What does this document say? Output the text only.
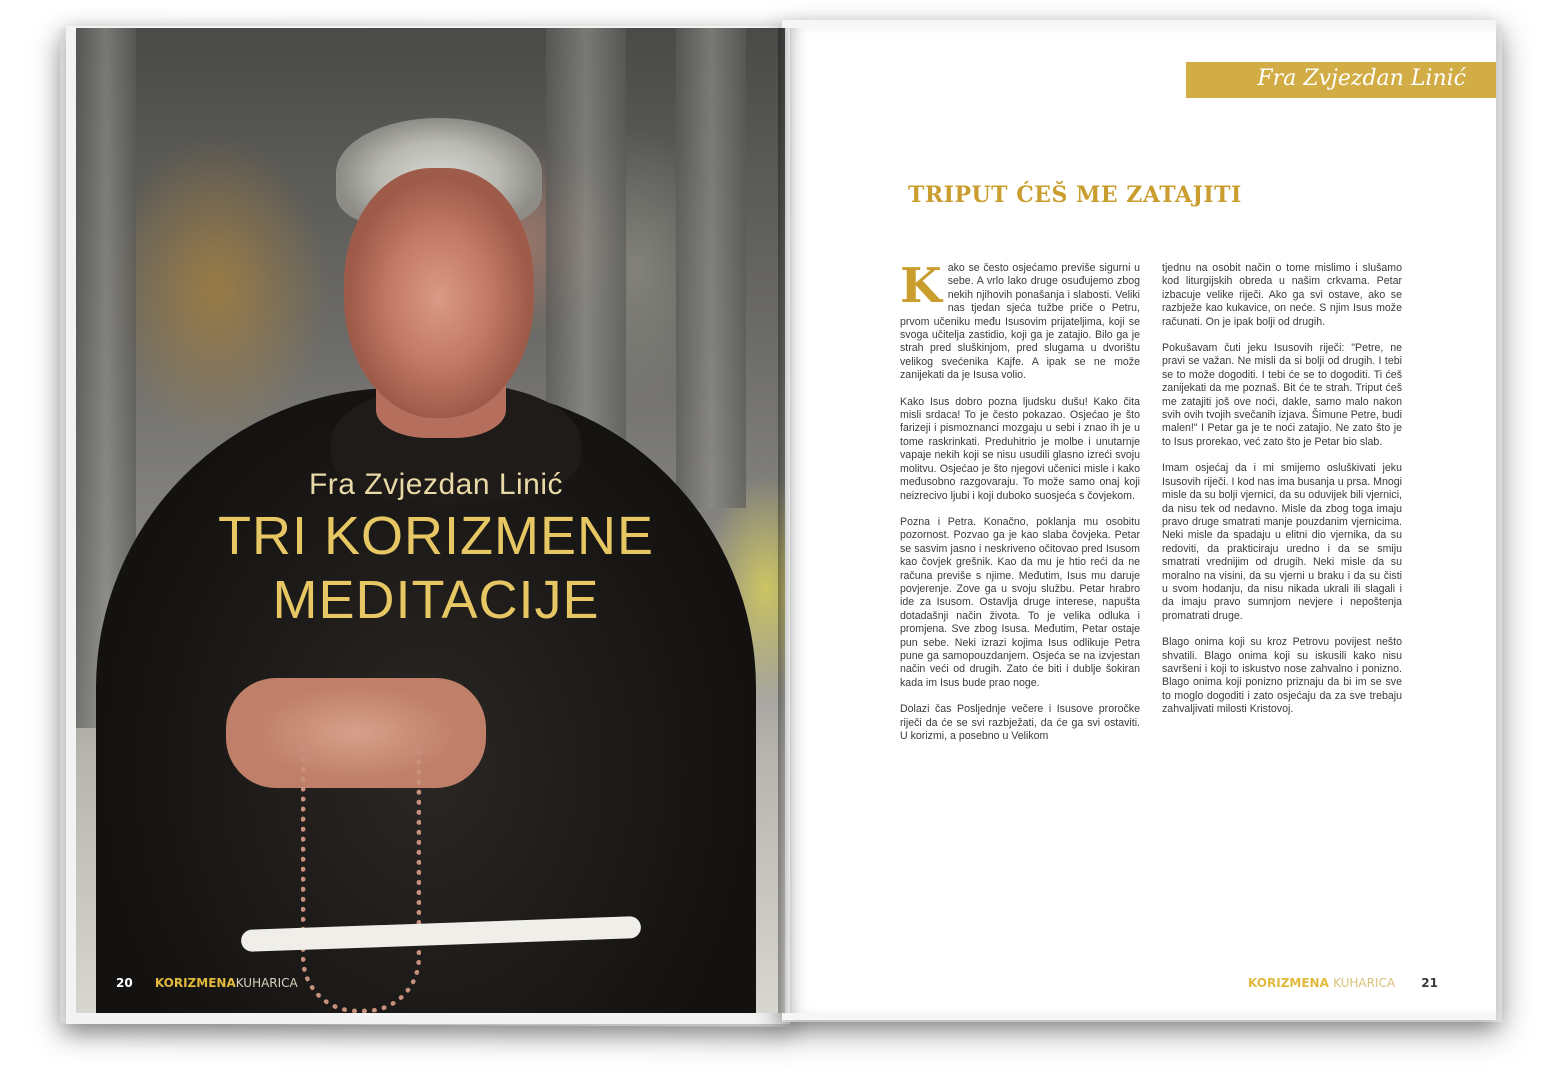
Fra Zvjezdan Linić
TRI KORIZMENE
MEDITACIJE
20 KORIZMENAKUHARICA
Fra Zvjezdan Linić
TRIPUT ĆEŠ ME ZATAJITI

Kako se često osjećamo previše sigurni u sebe. A vrlo lako drugе osuđujemo zbog nekih njihovih ponašanja i slabosti. Veliki nas tjedan sjeća tužbe priče o Petru, prvom učeniku među Isusovim prijateljima, koji se svoga učitelja zastidio, koji ga je zatajio. Bilo ga je strah pred sluškinjom, pred slugama u dvorištu velikog svećenika Kajfe. A ipak se ne može zanijekati da je Isusa volio.

Kako Isus dobro pozna ljudsku dušu! Kako čita misli srdaca! To je često pokazao. Osjećao je što farizeji i pismoznanci mozgaju u sebi i znao ih je u tome raskrinkati. Preduhitrio je molbe i unutarnje vapaje nekih koji se nisu usudili glasno izreći svoju molitvu. Osjećao je što njegovi učenici misle i kako međusobno razgovaraju. To može samo onaj koji neizrecivo ljubi i koji duboko suosjeća s čovjekom.

Pozna i Petra. Konačno, poklanja mu osobitu pozornost. Pozvao ga je kao slaba čovjeka. Petar se sasvim jasno i neskriveno očitovao pred Isusom kao čovjek grešnik. Kao da mu je htio reći da ne računa previše s njime. Međutim, Isus mu daruje povjerenje. Zove ga u svoju službu. Petar hrabro ide za Isusom. Ostavlja druge interese, napušta dotadašnji način života. To je velika odluka i promjena. Sve zbog Isusa. Međutim, Petar ostaje pun sebe. Neki izrazi kojima Isus odlikuje Petra pune ga samopouzdanjem. Osjeća se na izvjestan način veći od drugih. Zato će biti i dublje šokiran kada im Isus bude prao noge.

Dolazi čas Posljednje večere i Isusove proročke riječi da će se svi razbježati, da će ga svi ostaviti. U korizmi, a posebno u Velikom

tjednu na osobit način o tome mislimo i slušamo kod liturgijskih obreda u našim crkvama. Petar izbacuje velike riječi. Ako ga svi ostave, ako se razbježe kao kukavice, on neće. S njim Isus može računati. On je ipak bolji od drugih.

Pokušavam čuti jeku Isusovih riječi: "Petre, ne pravi se važan. Ne misli da si bolji od drugih. I tebi se to može dogoditi. I tebi će se to dogoditi. Ti ćeš zanijekati da me poznaš. Bit će te strah. Triput ćeš me zatajiti još ove noći, dakle, samo malo nakon svih ovih tvojih svečanih izjava. Šimune Petre, budi malen!" I Petar ga je te noći zatajio. Ne zato što je to Isus prorekao, već zato što je Petar bio slab.

Imam osjećaj da i mi smijemo osluškivati jeku Isusovih riječi. I kod nas ima busanja u prsa. Mnogi misle da su bolji vjernici, da su oduvijek bili vjernici, da nisu tek od nedavno. Misle da zbog toga imaju pravo druge smatrati manje pouzdanim vjernicima. Neki misle da spadaju u elitni dio vjernika, da su redoviti, da prakticiraju uredno i da se smiju smatrati vrednijim od drugih. Neki misle da su moralno na visini, da su vjerni u braku i da su čisti u svom hodanju, da nisu nikada ukrali ili slagali i da imaju pravo sumnjom nevjere i nepoštenja promatrati druge.

Blago onima koji su kroz Petrovu povijest nešto shvatili. Blago onima koji su iskusili kako nisu savršeni i koji to iskustvo nose zahvalno i ponizno. Blago onima koji ponizno priznaju da bi im se sve to moglo dogoditi i zato osjećaju da za sve trebaju zahvaljivati milosti Kristovoj.

KORIZMENA KUHARICA 21
